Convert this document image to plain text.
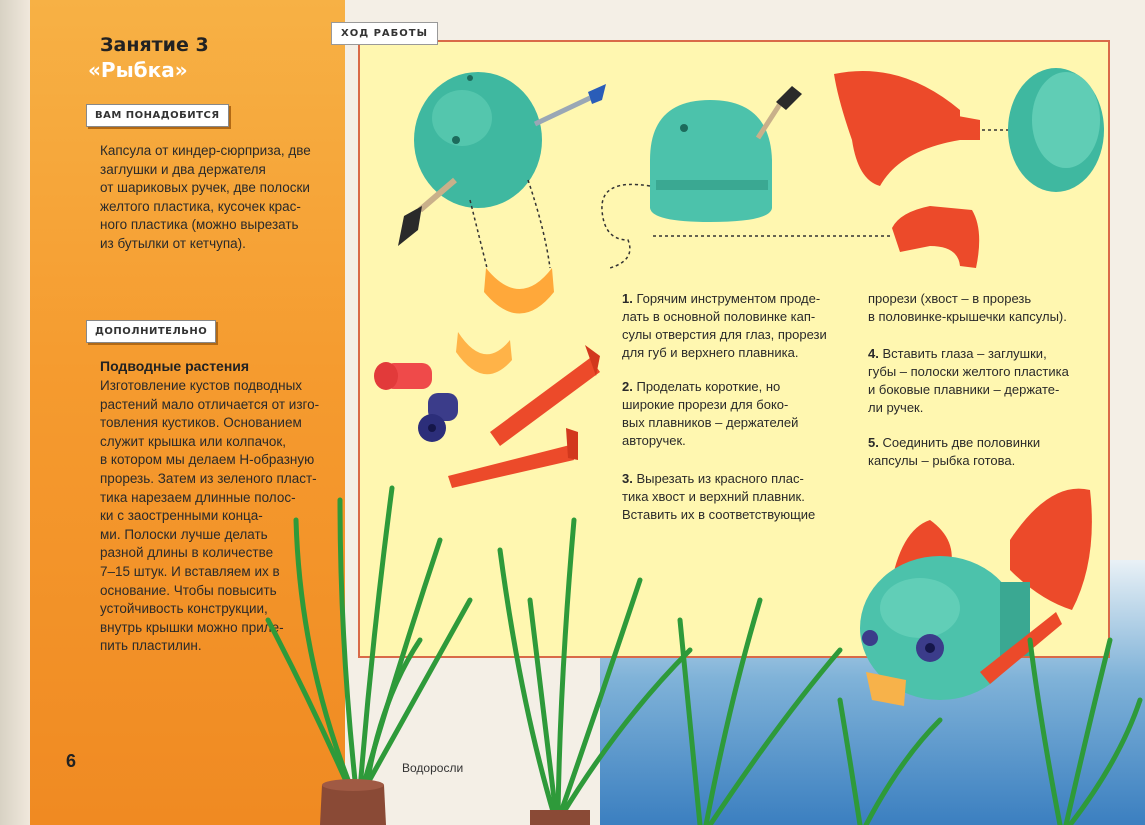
Занятие 3
«Рыбка»
ВАМ ПОНАДОБИТСЯ
Капсула от киндер-сюрприза, две
заглушки и два держателя
от шариковых ручек, две полоски
желтого пластика, кусочек крас-
ного пластика (можно вырезать
из бутылки от кетчупа).
ДОПОЛНИТЕЛЬНО
Подводные растения
Изготовление кустов подводных
растений мало отличается от изго-
товления кустиков. Основанием
служит крышка или колпачок,
в котором мы делаем Н-образную
прорезь. Затем из зеленого пласт-
тика нарезаем длинные полос-
ки с заостренными конца-
ми. Полоски лучше делать
разной длины в количестве
7–15 штук. И вставляем их в
основание. Чтобы повысить
устойчивость конструкции,
внутрь крышки можно приле-
пить пластилин.
ХОД РАБОТЫ
1. Горячим инструментом проде-
лать в основной половинке кап-
сулы отверстия для глаз, прорези
для губ и верхнего плавника.
2. Проделать короткие, но
широкие прорези для боко-
вых плавников – держателей
авторучек.
3. Вырезать из красного плас-
тика хвост и верхний плавник.
Вставить их в соответствующие
прорези (хвост – в прорезь
в половинке-крышечки капсулы).
4. Вставить глаза – заглушки,
губы – полоски желтого пластика
и боковые плавники – держате-
ли ручек.
5. Соединить две половинки
капсулы – рыбка готова.
Водоросли
6
